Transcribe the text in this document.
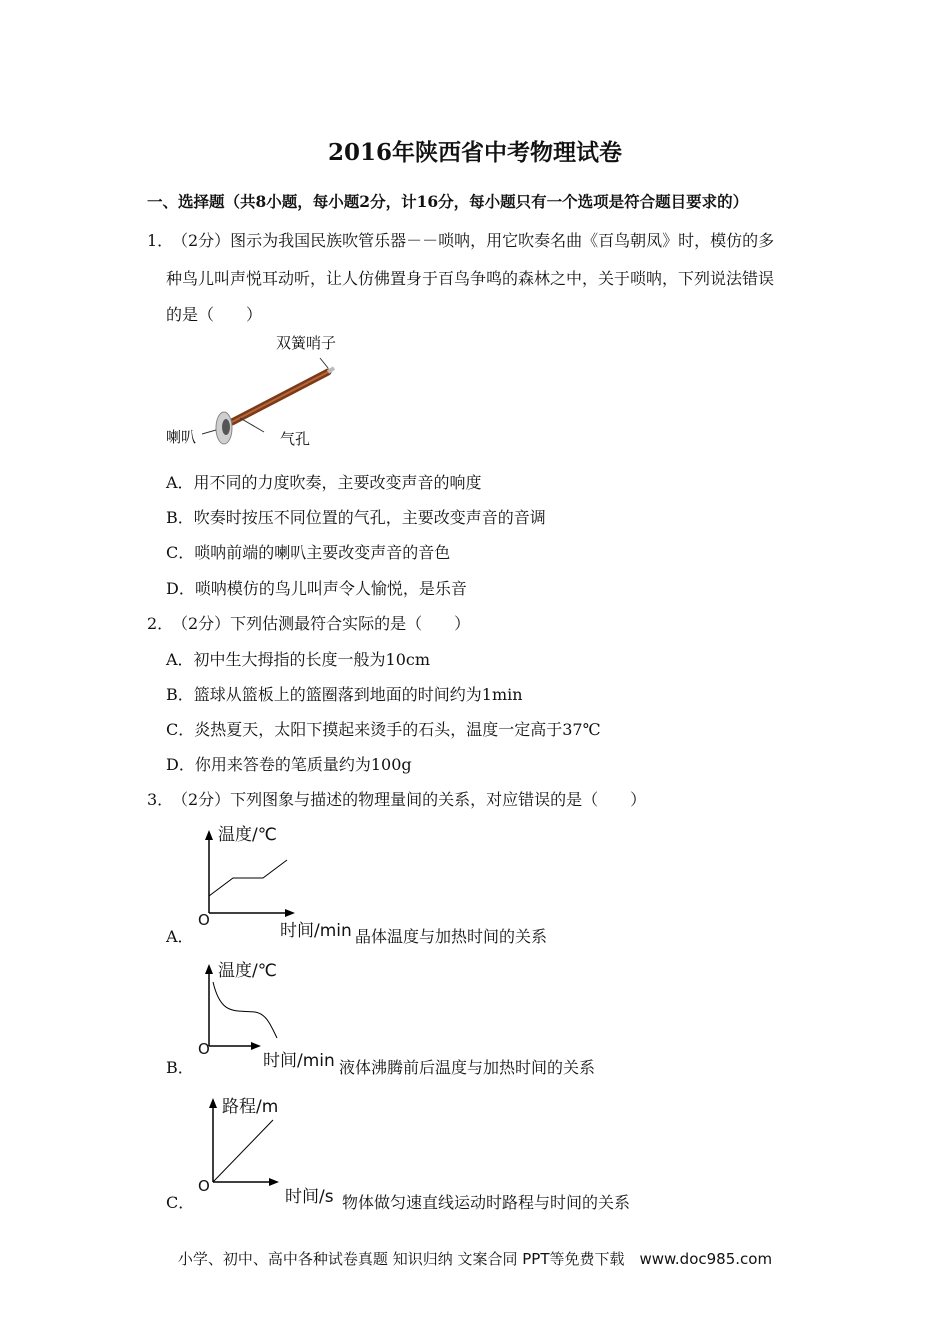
2016年陕西省中考物理试卷
一、选择题（共8小题，每小题2分，计16分，每小题只有一个选项是符合题目要求的）
1．
（2分）图示为我国民族吹管乐器－－唢呐，用它吹奏名曲《百鸟朝凤》时，模仿的多
种鸟儿叫声悦耳动听，让人仿佛置身于百鸟争鸣的森林之中，关于唢呐，下列说法错误
的是（　　）
双簧哨子
喇叭	气孔
A．用不同的力度吹奏，主要改变声音的响度
B．吹奏时按压不同位置的气孔，主要改变声音的音调
C．唢呐前端的喇叭主要改变声音的音色
D．唢呐模仿的鸟儿叫声令人愉悦，是乐音
2．
（2分）下列估测最符合实际的是（　　）
A．初中生大拇指的长度一般为10cm
B．篮球从篮板上的篮圈落到地面的时间约为1min
C．炎热夏天，太阳下摸起来烫手的石头，温度一定高于37℃
D．你用来答卷的笔质量约为100g
3．
（2分）下列图象与描述的物理量间的关系，对应错误的是（　　）
A．
温度/℃
O
时间/min 晶体温度与加热时间的关系
B．
温度/℃
O
时间/min 液体沸腾前后温度与加热时间的关系
C．
路程/m
O
时间/s 物体做匀速直线运动时路程与时间的关系
小学、初中、高中各种试卷真题 知识归纳 文案合同 PPT等免费下载　www.doc985.com
